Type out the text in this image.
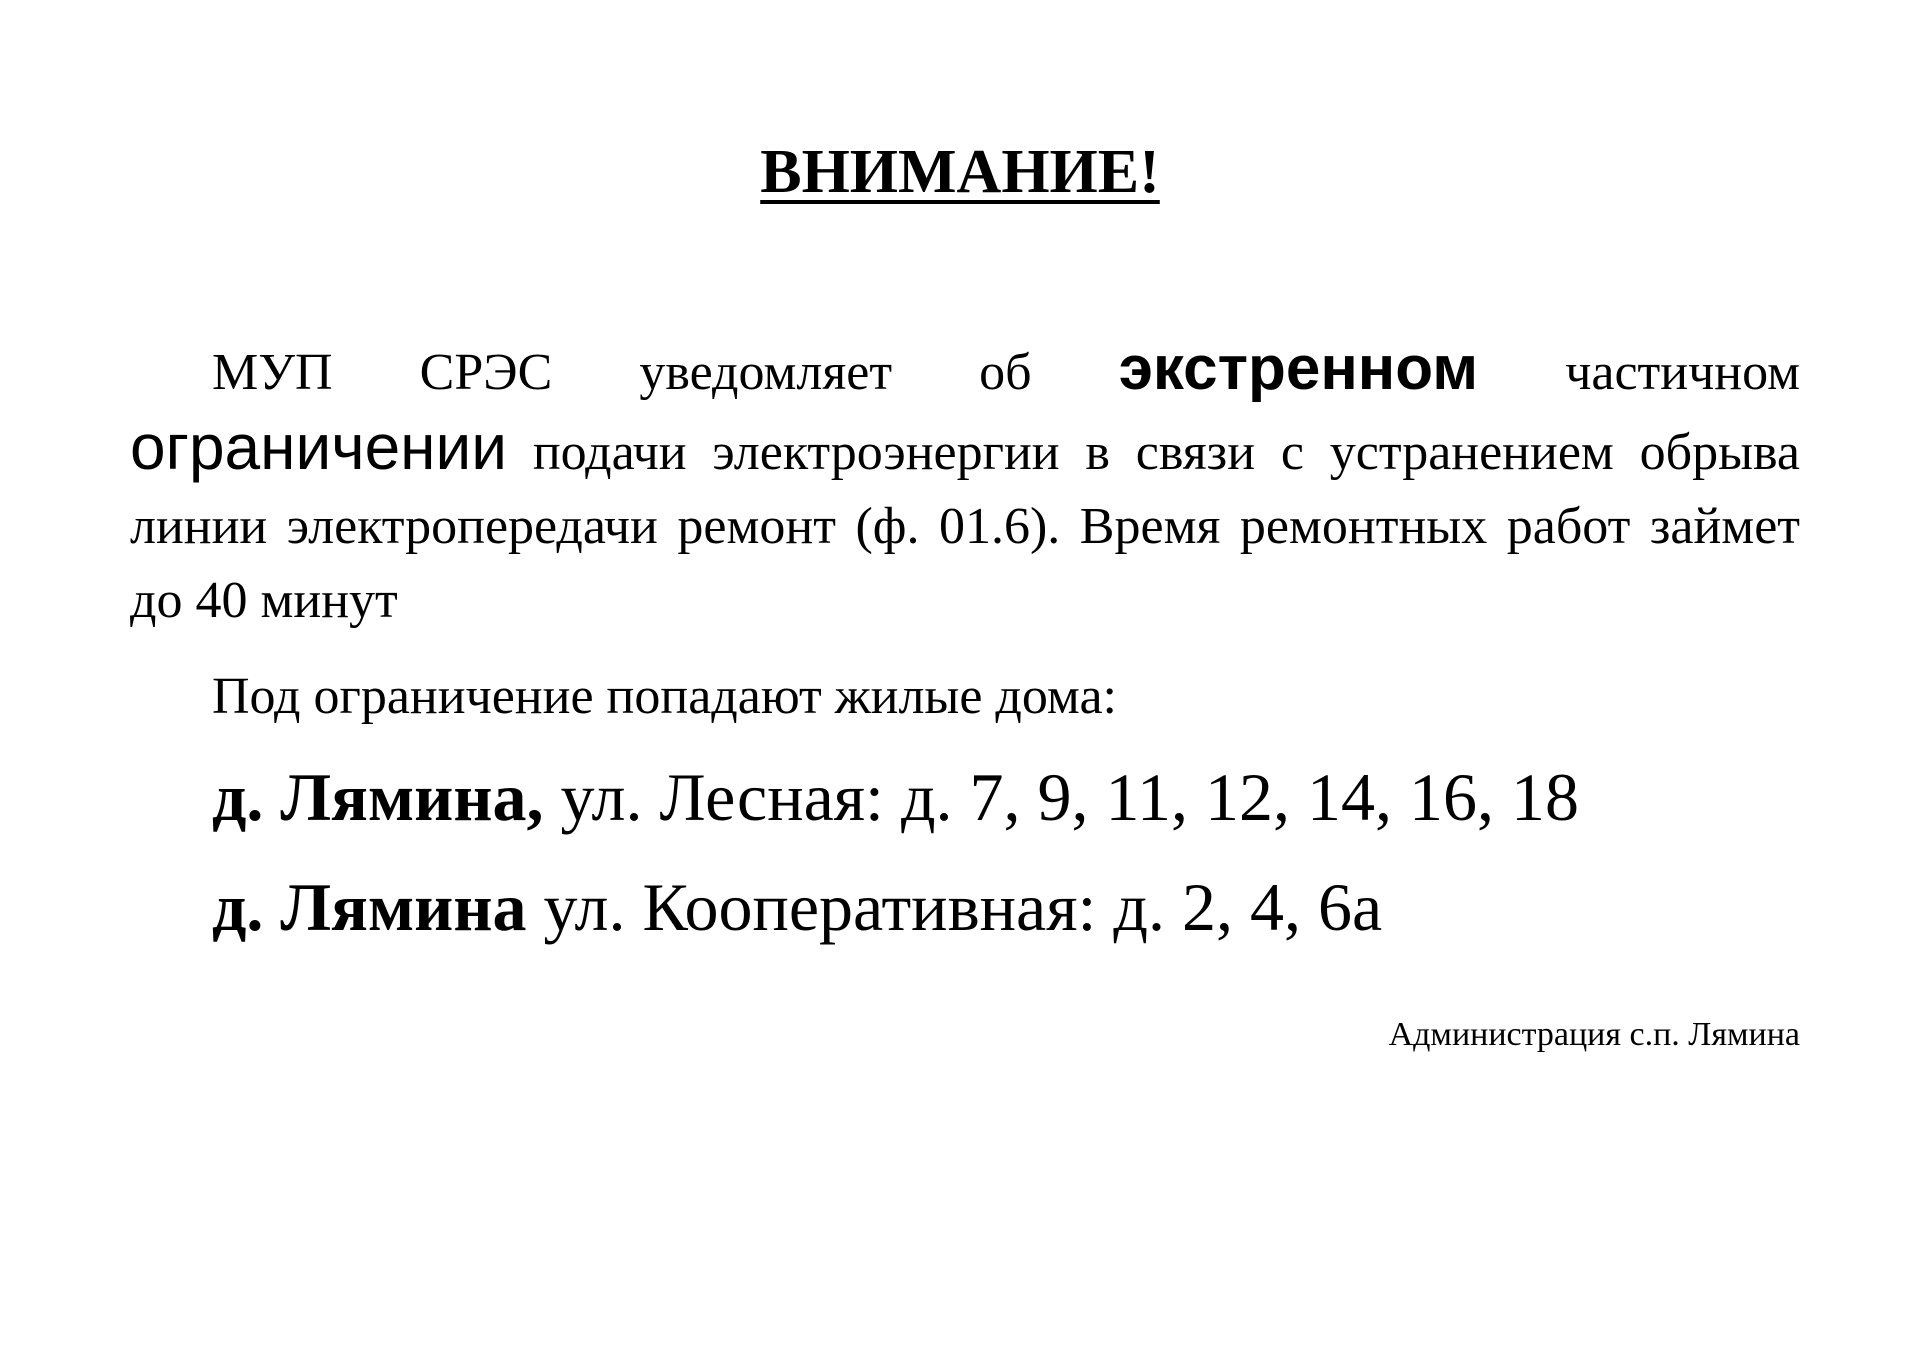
ВНИМАНИЕ!
МУП СРЭС уведомляет об экстренном частичном ограничении подачи электроэнергии в связи с устранением обрыва линии электропередачи ремонт (ф. 01.6). Время ремонтных работ займет до 40 минут
Под ограничение попадают жилые дома:
д. Лямина, ул. Лесная: д. 7, 9, 11, 12, 14, 16, 18
д. Лямина ул. Кооперативная: д. 2, 4, 6а
Администрация с.п. Лямина
